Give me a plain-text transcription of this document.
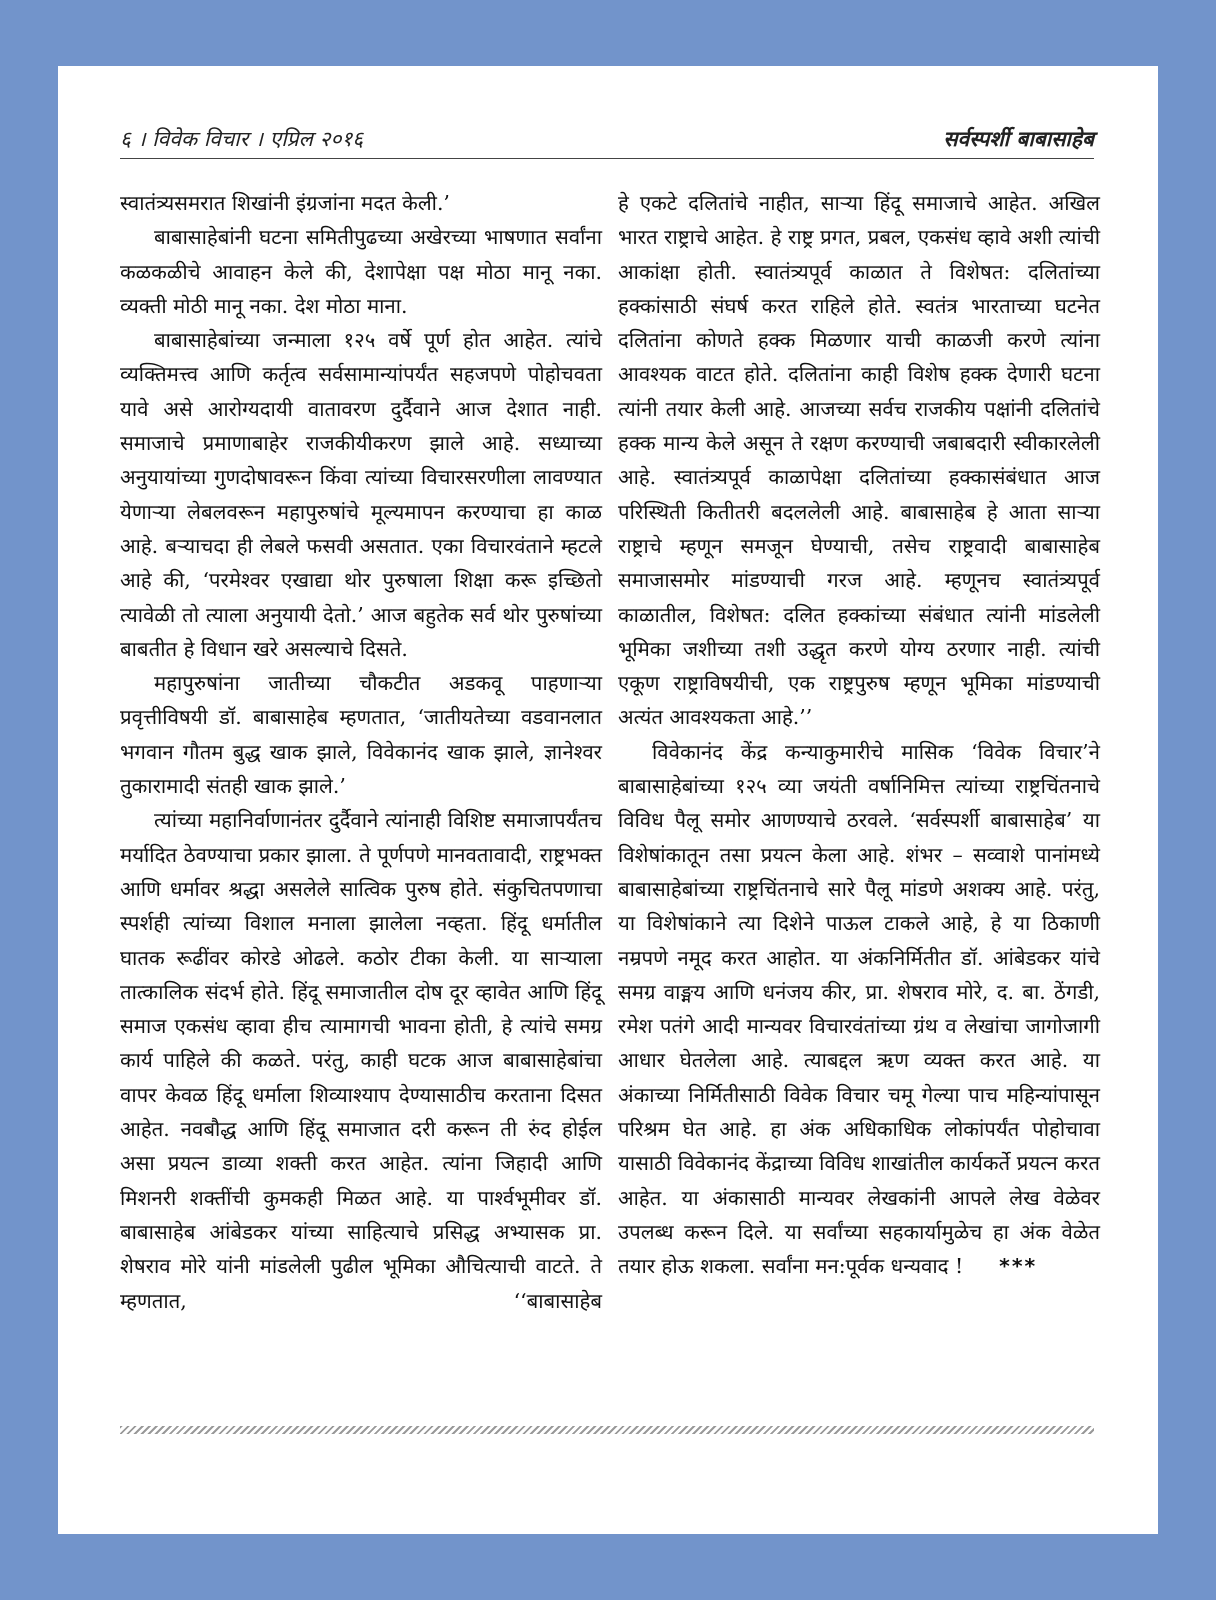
६ । विवेक विचार । एप्रिल २०१६	सर्वस्पर्शी बाबासाहेब

स्वातंत्र्यसमरात शिखांनी इंग्रजांना मदत केली.’

बाबासाहेबांनी घटना समितीपुढच्या अखेरच्या भाषणात सर्वांना कळकळीचे आवाहन केले की, देशापेक्षा पक्ष मोठा मानू नका. व्यक्ती मोठी मानू नका. देश मोठा माना.

बाबासाहेबांच्या जन्माला १२५ वर्षे पूर्ण होत आहेत. त्यांचे व्यक्तिमत्त्व आणि कर्तृत्व सर्वसामान्यांपर्यंत सहजपणे पोहोचवता यावे असे आरोग्यदायी वातावरण दुर्दैवाने आज देशात नाही. समाजाचे प्रमाणाबाहेर राजकीयीकरण झाले आहे. सध्याच्या अनुयायांच्या गुणदोषावरून किंवा त्यांच्या विचारसरणीला लावण्यात येणाऱ्या लेबलवरून महापुरुषांचे मूल्यमापन करण्याचा हा काळ आहे. बऱ्याचदा ही लेबले फसवी असतात. एका विचारवंताने म्हटले आहे की, ‘परमेश्वर एखाद्या थोर पुरुषाला शिक्षा करू इच्छितो त्यावेळी तो त्याला अनुयायी देतो.’ आज बहुतेक सर्व थोर पुरुषांच्या बाबतीत हे विधान खरे असल्याचे दिसते.

महापुरुषांना जातीच्या चौकटीत अडकवू पाहणाऱ्या प्रवृत्तीविषयी डॉ. बाबासाहेब म्हणतात, ‘जातीयतेच्या वडवानलात भगवान गौतम बुद्ध खाक झाले, विवेकानंद खाक झाले, ज्ञानेश्वर तुकारामादी संतही खाक झाले.’

त्यांच्या महानिर्वाणानंतर दुर्दैवाने त्यांनाही विशिष्ट समाजापर्यंतच मर्यादित ठेवण्याचा प्रकार झाला. ते पूर्णपणे मानवतावादी, राष्ट्रभक्त आणि धर्मावर श्रद्धा असलेले सात्विक पुरुष होते. संकुचितपणाचा स्पर्शही त्यांच्या विशाल मनाला झालेला नव्हता. हिंदू धर्मातील घातक रूढींवर कोरडे ओढले. कठोर टीका केली. या साऱ्याला तात्कालिक संदर्भ होते. हिंदू समाजातील दोष दूर व्हावेत आणि हिंदू समाज एकसंध व्हावा हीच त्यामागची भावना होती, हे त्यांचे समग्र कार्य पाहिले की कळते. परंतु, काही घटक आज बाबासाहेबांचा वापर केवळ हिंदू धर्माला शिव्याश्याप देण्यासाठीच करताना दिसत आहेत. नवबौद्ध आणि हिंदू समाजात दरी करून ती रुंद होईल असा प्रयत्न डाव्या शक्ती करत आहेत. त्यांना जिहादी आणि मिशनरी शक्तींची कुमकही मिळत आहे. या पार्श्वभूमीवर डॉ. बाबासाहेब आंबेडकर यांच्या साहित्याचे प्रसिद्ध अभ्यासक प्रा. शेषराव मोरे यांनी मांडलेली पुढील भूमिका औचित्याची वाटते. ते म्हणतात, ‘‘बाबासाहेब

हे एकटे दलितांचे नाहीत, साऱ्या हिंदू समाजाचे आहेत. अखिल भारत राष्ट्राचे आहेत. हे राष्ट्र प्रगत, प्रबल, एकसंध व्हावे अशी त्यांची आकांक्षा होती. स्वातंत्र्यपूर्व काळात ते विशेषत: दलितांच्या हक्कांसाठी संघर्ष करत राहिले होते. स्वतंत्र भारताच्या घटनेत दलितांना कोणते हक्क मिळणार याची काळजी करणे त्यांना आवश्यक वाटत होते. दलितांना काही विशेष हक्क देणारी घटना त्यांनी तयार केली आहे. आजच्या सर्वच राजकीय पक्षांनी दलितांचे हक्क मान्य केले असून ते रक्षण करण्याची जबाबदारी स्वीकारलेली आहे. स्वातंत्र्यपूर्व काळापेक्षा दलितांच्या हक्कासंबंधात आज परिस्थिती कितीतरी बदललेली आहे. बाबासाहेब हे आता साऱ्या राष्ट्राचे म्हणून समजून घेण्याची, तसेच राष्ट्रवादी बाबासाहेब समाजासमोर मांडण्याची गरज आहे. म्हणूनच स्वातंत्र्यपूर्व काळातील, विशेषत: दलित हक्कांच्या संबंधात त्यांनी मांडलेली भूमिका जशीच्या तशी उद्धृत करणे योग्य ठरणार नाही. त्यांची एकूण राष्ट्राविषयीची, एक राष्ट्रपुरुष म्हणून भूमिका मांडण्याची अत्यंत आवश्यकता आहे.’’

विवेकानंद केंद्र कन्याकुमारीचे मासिक ‘विवेक विचार’ने बाबासाहेबांच्या १२५ व्या जयंती वर्षानिमित्त त्यांच्या राष्ट्रचिंतनाचे विविध पैलू समोर आणण्याचे ठरवले. ‘सर्वस्पर्शी बाबासाहेब’ या विशेषांकातून तसा प्रयत्न केला आहे. शंभर – सव्वाशे पानांमध्ये बाबासाहेबांच्या राष्ट्रचिंतनाचे सारे पैलू मांडणे अशक्य आहे. परंतु, या विशेषांकाने त्या दिशेने पाऊल टाकले आहे, हे या ठिकाणी नम्रपणे नमूद करत आहोत. या अंकनिर्मितीत डॉ. आंबेडकर यांचे समग्र वाङ्मय आणि धनंजय कीर, प्रा. शेषराव मोरे, द. बा. ठेंगडी, रमेश पतंगे आदी मान्यवर विचारवंतांच्या ग्रंथ व लेखांचा जागोजागी आधार घेतलेला आहे. त्याबद्दल ऋण व्यक्त करत आहे. या अंकाच्या निर्मितीसाठी विवेक विचार चमू गेल्या पाच महिन्यांपासून परिश्रम घेत आहे. हा अंक अधिकाधिक लोकांपर्यंत पोहोचावा यासाठी विवेकानंद केंद्राच्या विविध शाखांतील कार्यकर्ते प्रयत्न करत आहेत. या अंकासाठी मान्यवर लेखकांनी आपले लेख वेळेवर उपलब्ध करून दिले. या सर्वांच्या सहकार्यामुळेच हा अंक वेळेत तयार होऊ शकला. सर्वांना मन:पूर्वक धन्यवाद ! ***
